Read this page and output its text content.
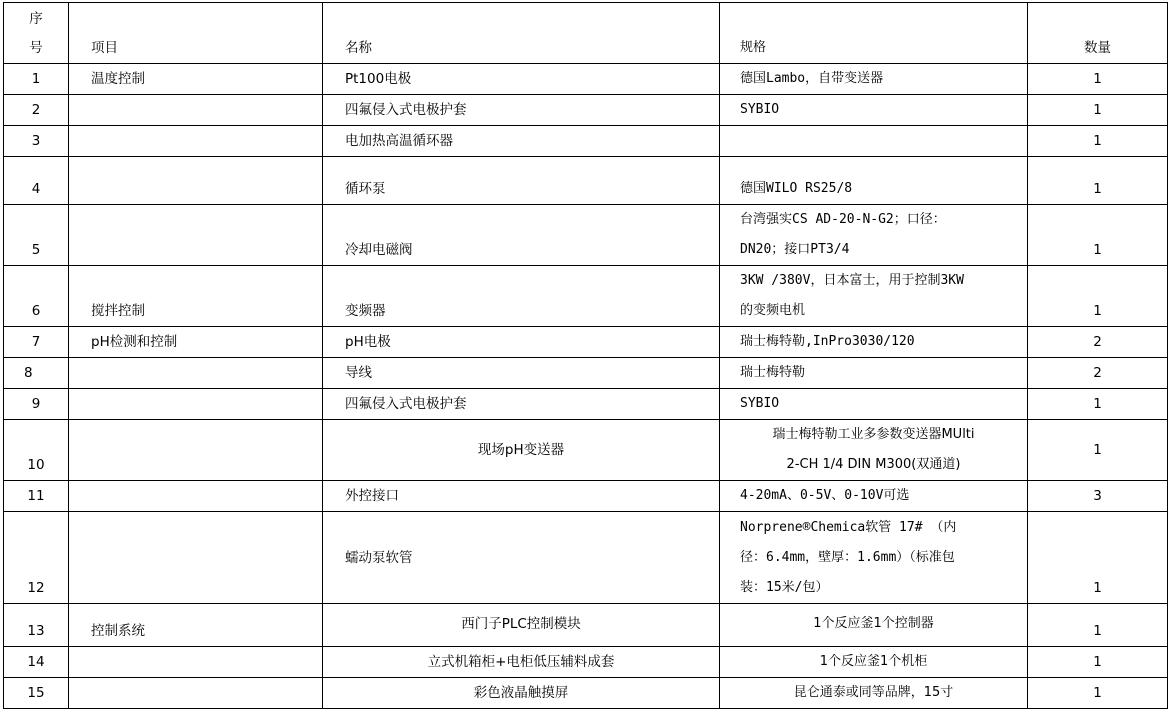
序
号	项目	名称	规格	数量
1	温度控制	Pt100电极	德国Lambo，自带变送器	1
2		四氟侵入式电极护套	SYBIO	1
3		电加热高温循环器		1
4		循环泵	德国WILO RS25/8	1
5		冷却电磁阀	台湾强实CS AD-20-N-G2；口径：
DN20；接口PT3/4	1
6	搅拌控制	变频器	3KW /380V，日本富士，用于控制3KW
的变频电机	1
7	pH检测和控制	pH电极	瑞士梅特勒,InPro3030/120	2
8		导线	瑞士梅特勒	2
9		四氟侵入式电极护套	SYBIO	1
10		现场pH变送器	瑞士梅特勒工业多参数变送器MUlti
2-CH 1/4 DIN M300(双通道)	1
11		外控接口	4-20mA、0-5V、0-10V可选	3
12		蠕动泵软管	Norprene®Chemica软管 17# （内
径：6.4mm，壁厚：1.6mm）（标准包
装：15米/包）	1
13	控制系统	西门子PLC控制模块	1个反应釜1个控制器	1
14		立式机箱柜+电柜低压辅料成套	1个反应釜1个机柜	1
15		彩色液晶触摸屏	昆仑通泰或同等品牌，15寸	1
